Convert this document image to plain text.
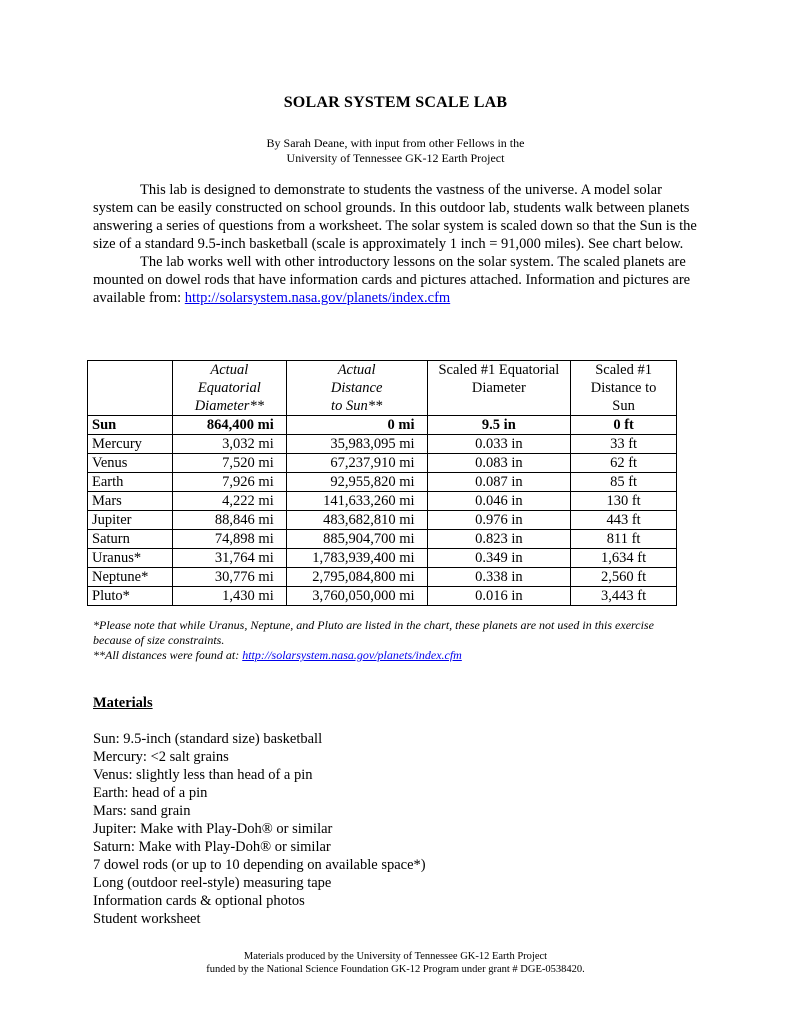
SOLAR SYSTEM SCALE LAB
By Sarah Deane, with input from other Fellows in the
University of Tennessee GK-12 Earth Project

This lab is designed to demonstrate to students the vastness of the universe. A model solar system can be easily constructed on school grounds. In this outdoor lab, students walk between planets answering a series of questions from a worksheet. The solar system is scaled down so that the Sun is the size of a standard 9.5-inch basketball (scale is approximately 1 inch = 91,000 miles). See chart below.

The lab works well with other introductory lessons on the solar system. The scaled planets are mounted on dowel rods that have information cards and pictures attached. Information and pictures are available from: http://solarsystem.nasa.gov/planets/index.cfm

	Actual
Equatorial
Diameter**	Actual
Distance
to Sun**	Scaled #1 Equatorial
Diameter	Scaled #1
Distance to
Sun
Sun	864,400 mi	0 mi	9.5 in	0 ft
Mercury	3,032 mi	35,983,095 mi	0.033 in	33 ft
Venus	7,520 mi	67,237,910 mi	0.083 in	62 ft
Earth	7,926 mi	92,955,820 mi	0.087 in	85 ft
Mars	4,222 mi	141,633,260 mi	0.046 in	130 ft
Jupiter	88,846 mi	483,682,810 mi	0.976 in	443 ft
Saturn	74,898 mi	885,904,700 mi	0.823 in	811 ft
Uranus*	31,764 mi	1,783,939,400 mi	0.349 in	1,634 ft
Neptune*	30,776 mi	2,795,084,800 mi	0.338 in	2,560 ft
Pluto*	1,430 mi	3,760,050,000 mi	0.016 in	3,443 ft
*Please note that while Uranus, Neptune, and Pluto are listed in the chart, these planets are not used in this exercise because of size constraints.
**All distances were found at: http://solarsystem.nasa.gov/planets/index.cfm
Materials
Sun: 9.5-inch (standard size) basketball
Mercury: <2 salt grains
Venus: slightly less than head of a pin
Earth: head of a pin
Mars: sand grain
Jupiter: Make with Play-Doh® or similar
Saturn: Make with Play-Doh® or similar
7 dowel rods (or up to 10 depending on available space*)
Long (outdoor reel-style) measuring tape
Information cards & optional photos
Student worksheet
Materials produced by the University of Tennessee GK-12 Earth Project
funded by the National Science Foundation GK-12 Program under grant # DGE-0538420.
